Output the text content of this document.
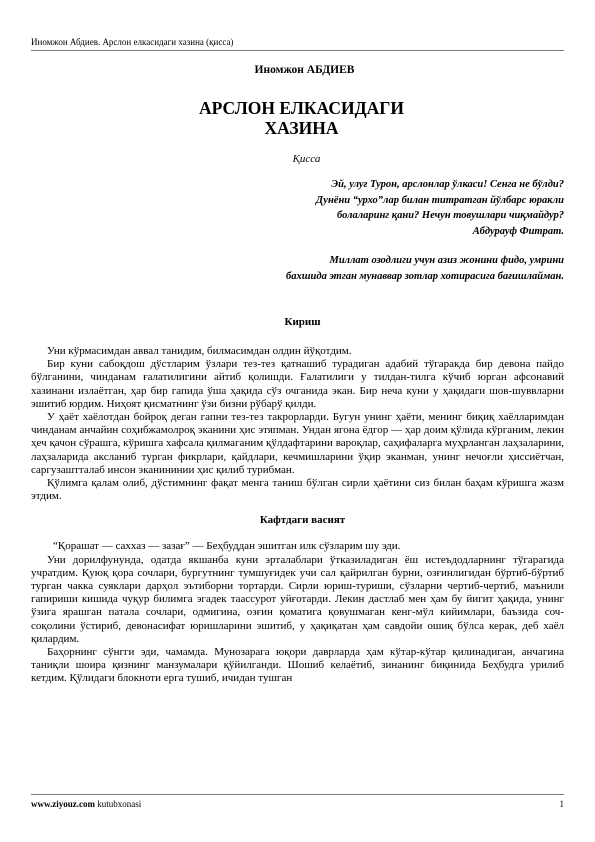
Иномжон Абдиев. Арслон елкасидаги хазина (қисса)
Иномжон АБДИЕВ
АРСЛОН ЕЛКАСИДАГИ
ХАЗИНА
Қисса
Эй, улуғ Турон, арслонлар ўлкаси! Сенга не бўлди?
Дунёни “урхо”лар билан титратган йўлбарс юракли
болаларинг қани? Нечун товушлари чиқмайдур?
Абдурауф Фитрат.
Миллат озодлиги учун азиз жонини фидо, умрини
бахшида этган мунаввар зотлар хотирасига бағишлайман.
Кириш

Уни кўрмасимдан аввал танидим, билмасимдан олдин йўқотдим.

Бир куни сабоқдош дўстларим ўзлари тез-тез қатнашиб турадиган адабий тўгаракда бир девона пайдо бўлганини, чинданам ғалатилигини айтиб қолишди. Ғалатилиги у тилдан-тилга кўчиб юрган афсонавий хазинани излаётган, ҳар бир гапида ўша ҳақида сўз очганида экан. Бир неча куни у ҳақидаги шов-шуввларни эшитиб юрдим. Ниҳоят қисматнинг ўзи бизни рўбарў қилди.

У ҳаёт хаёлотдан бойроқ деган гапни тез-тез такрорларди. Бугун унинг ҳаёти, менинг биқиқ хаёлларимдан чинданам анчайин соҳибжамолроқ эканини ҳис этяпман. Ундан ягона ёдгор — ҳар доим қўлида кўрганим, лекин ҳеч қачон сўрашга, кўришга хафсала қилмаганим қўлдафтарини вароқлар, саҳифаларга муҳрланган лаҳзаларини, лаҳзаларида аксланиб турган фикрлари, қайдлари, кечмишларини ўқир эканман, унинг нечоғли ҳиссиётчан, саргузаштталаб инсон эканининии ҳис қилиб турибман.

Қўлимга қалам олиб, дўстимнинг фақат менга таниш бўлган сирли ҳаётини сиз билан баҳам кўришга жазм этдим.

Кафтдаги васият

“Қорашат — саххаз — зазағ” — Беҳбуддан эшитган илк сўзларим шу эди.

Уни дорилфунунда, одатда якшанба куни эрталаблари ўтказиладиган ёш истеъдодларнинг тўгарагида учратдим. Қуюқ қора сочлари, бургутнинг тумшуғидек учи сал қайрилган бурни, озғинлигидан бўртиб-бўртиб турган чакка суяклари дарҳол эътиборни тортарди. Сирли юриш-туриши, сўзларни чертиб-чертиб, маънили гапириши кишида чуқур билимга эгадек таассурот уйғотарди. Лекин дастлаб мен ҳам бу йигит ҳақида, унинг ўзига ярашган патала сочлари, одмигина, озғин қоматига қовушмаган кенг-мўл кийимлари, баъзида соч-соқолини ўстириб, девонасифат юришларини эшитиб, у ҳақиқатан ҳам савдойи ошиқ бўлса керак, деб хаёл қилардим.

Баҳорнинг сўнгги эди, чамамда. Мунозарага юқори даврларда ҳам кўтар-кўтар қилинадиган, анчагина таниқли шоира қизнинг манзумалари қўйилганди. Шошиб келаётиб, зинанинг биқинида Беҳбудга урилиб кетдим. Қўлидаги блокноти ерга тушиб, ичидан тушган

www.ziyouz.com kutubxonasi	1
